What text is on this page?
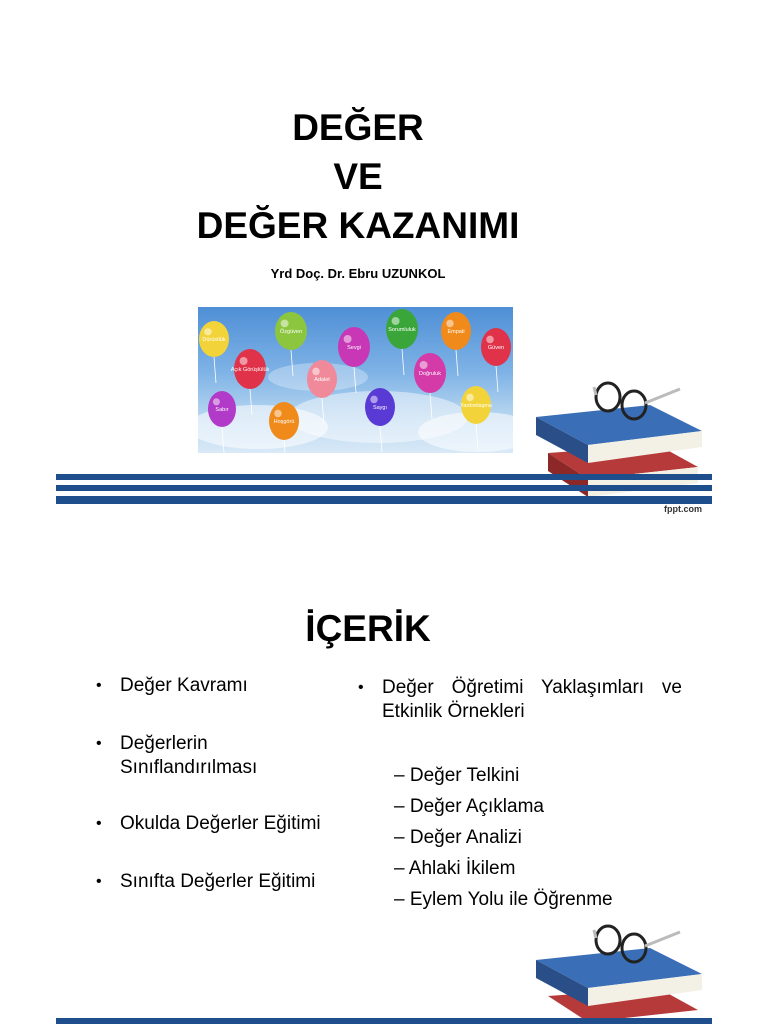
DEĞER
VE
DEĞER KAZANIMI
Yrd Doç. Dr. Ebru UZUNKOL
Dürüstlük
Özgüven
Sevgi
Sorumluluk	Empati
Güven
Açık Görüşlülük
Adalet
Doğruluk
Sabır
Hoşgörü
Saygı	Yardımlaşma
fppt.com
İÇERİK
• Değer Kavramı
• Değerlerin Sınıflandırılması
• Okulda Değerler Eğitimi
• Sınıfta Değerler Eğitimi
• Değer Öğretimi Yaklaşımları ve Etkinlik Örnekleri
– Değer Telkini
– Değer Açıklama
– Değer Analizi
– Ahlaki İkilem
– Eylem Yolu ile Öğrenme
